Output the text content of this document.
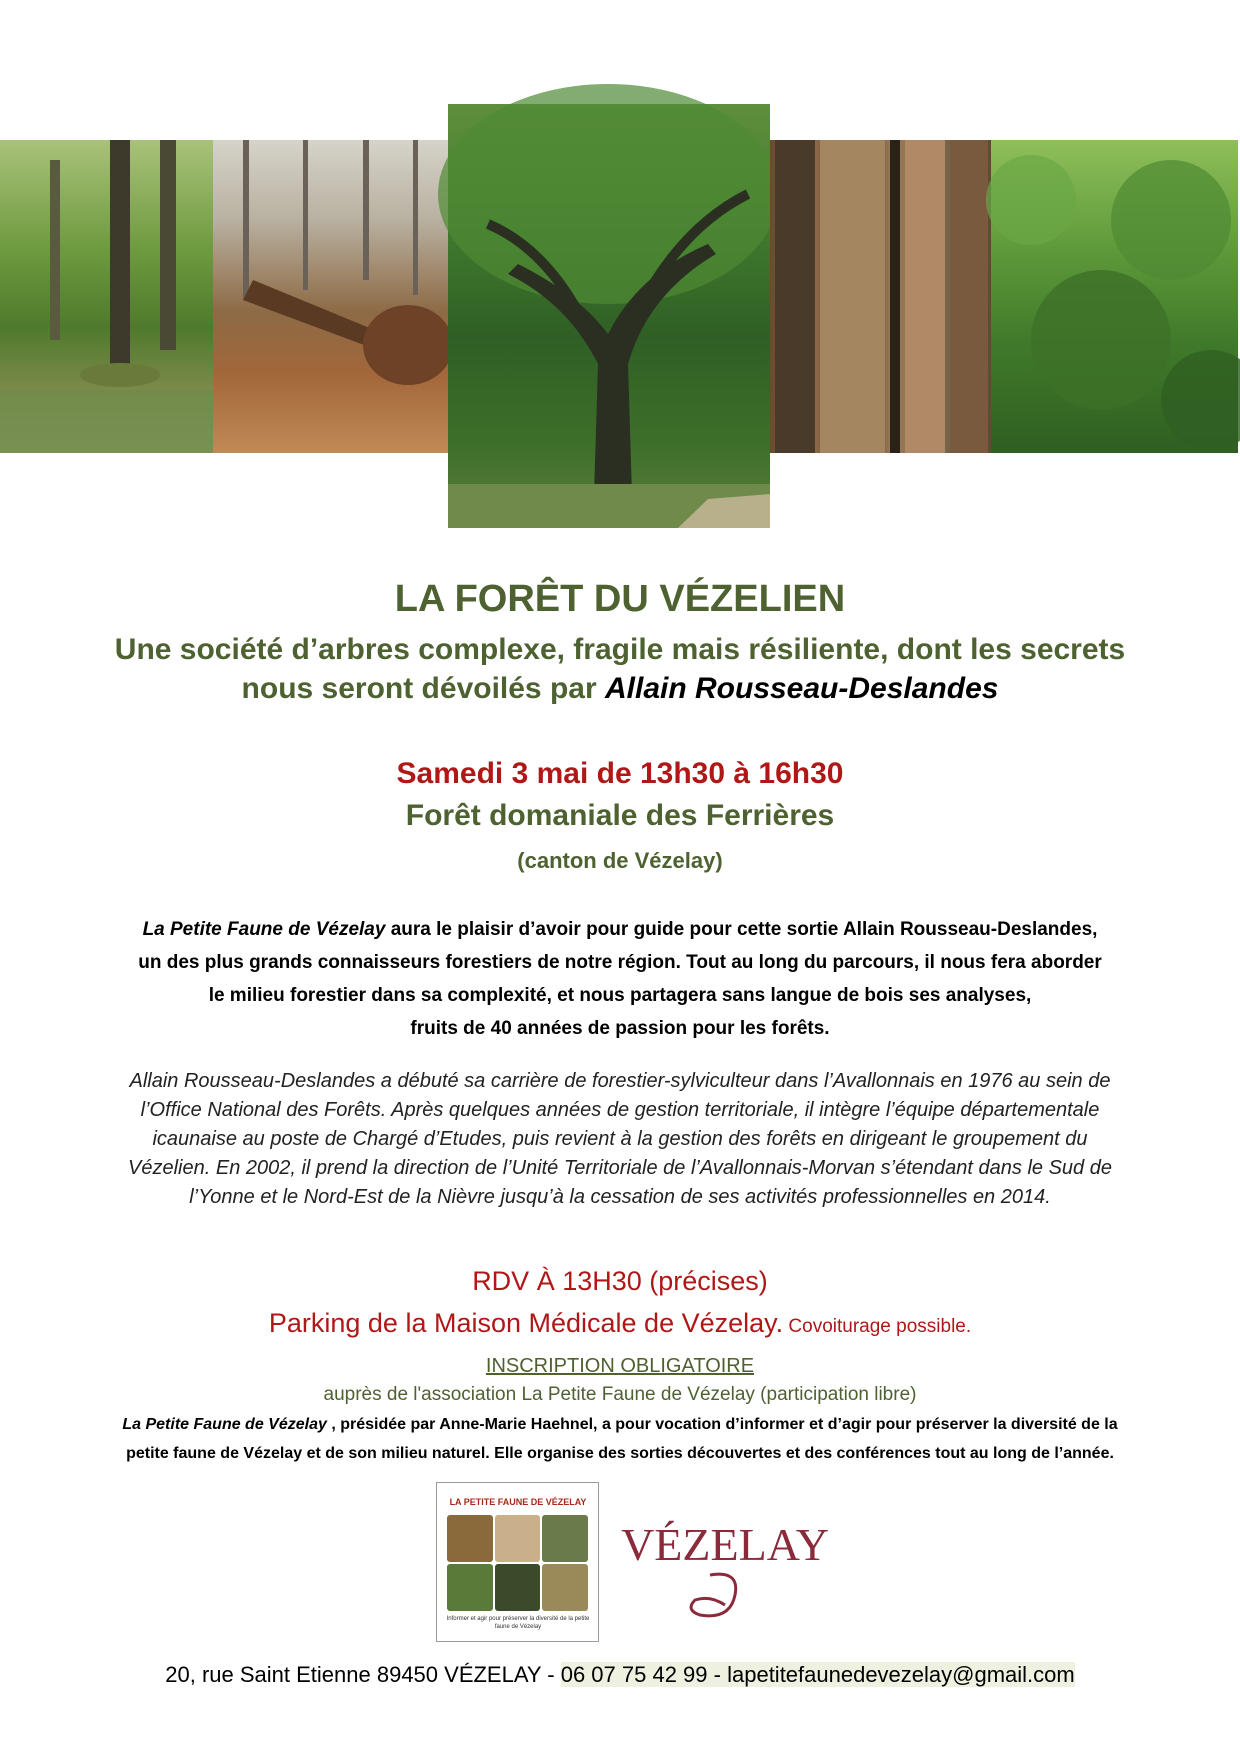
LA FORÊT DU VÉZELIEN
Une société d’arbres complexe, fragile mais résiliente, dont les secrets
nous seront dévoilés par Allain Rousseau-Deslandes
Samedi 3 mai de 13h30 à 16h30
Forêt domaniale des Ferrières
(canton de Vézelay)
La Petite Faune de Vézelay aura le plaisir d’avoir pour guide pour cette sortie Allain Rousseau-Deslandes,
un des plus grands connaisseurs forestiers de notre région. Tout au long du parcours, il nous fera aborder
le milieu forestier dans sa complexité, et nous partagera sans langue de bois ses analyses,
fruits de 40 années de passion pour les forêts.
Allain Rousseau-Deslandes a débuté sa carrière de forestier-sylviculteur dans l’Avallonnais en 1976 au sein de
l’Office National des Forêts. Après quelques années de gestion territoriale, il intègre l’équipe départementale
icaunaise au poste de Chargé d’Etudes, puis revient à la gestion des forêts en dirigeant le groupement du
Vézelien. En 2002, il prend la direction de l’Unité Territoriale de l’Avallonnais-Morvan s’étendant dans le Sud de
l’Yonne et le Nord-Est de la Nièvre jusqu’à la cessation de ses activités professionnelles en 2014.
RDV À 13H30 (précises)
Parking de la Maison Médicale de Vézelay. Covoiturage possible.
INSCRIPTION OBLIGATOIRE
auprès de l'association La Petite Faune de Vézelay (participation libre)
La Petite Faune de Vézelay , présidée par Anne-Marie Haehnel, a pour vocation d’informer et d’agir pour préserver la diversité de la
petite faune de Vézelay et de son milieu naturel. Elle organise des sorties découvertes et des conférences tout au long de l’année.
LA PETITE FAUNE DE VÉZELAY
Informer et agir pour préserver la diversité de la petite faune de Vézelay
VÉZELAY
20, rue Saint Etienne 89450 VÉZELAY - 06 07 75 42 99 - lapetitefaunedevezelay@gmail.com
